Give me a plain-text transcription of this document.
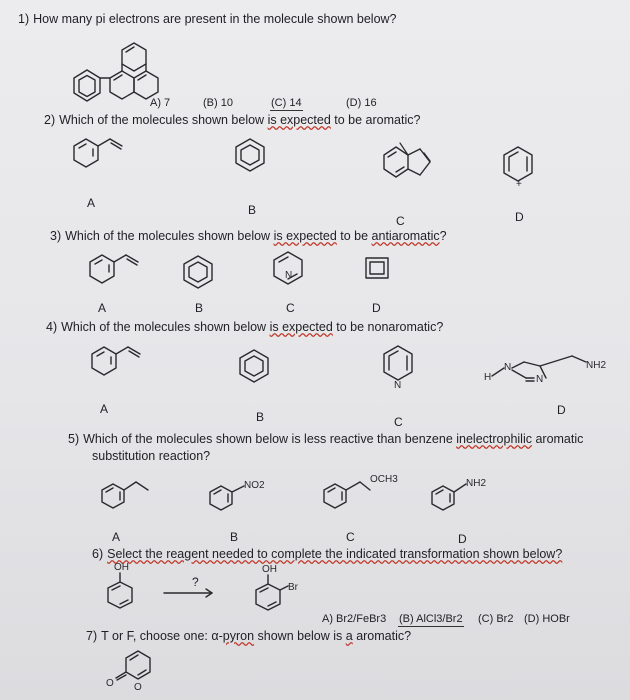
1) How many pi electrons are present in the molecule shown below?
A) 7	(B) 10	(C) 14	(D) 16
2) Which of the molecules shown below is expected to be aromatic?
+
A	B
C	D
3) Which of the molecules shown below is expected to be antiaromatic?
N
A	B	C	D
4) Which of the molecules shown below is expected to be nonaromatic?
N
H
N
N
NH2
A
B	C
D
5) Which of the molecules shown below is less reactive than benzene inelectrophilic aromatic
substitution reaction?
NO2
OCH3	NH2
A	B	C	D
6) Select the reagent needed to complete the indicated transformation shown below?
OH
?
OH
Br
A) Br2/FeBr3 (B) AlCl3/Br2 (C) Br2 (D) HOBr
7) T or F, choose one: α-pyron shown below is a aromatic?
O O
